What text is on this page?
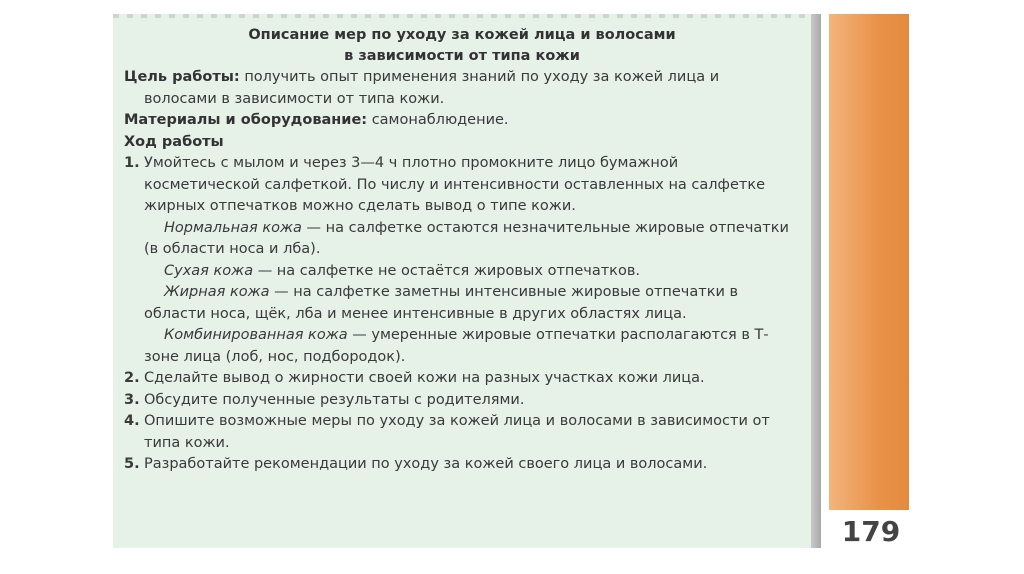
179

Описание мер по уходу за кожей лица и волосами

в зависимости от типа кожи

Цель работы: получить опыт применения знаний по уходу за кожей лица и волосами в зависимости от типа кожи.

Материалы и оборудование: самонаблюдение.

Ход работы

1. Умойтесь с мылом и через 3—4 ч плотно промокните лицо бумажной косметической салфеткой. По числу и интенсивности оставленных на салфетке жирных отпечатков можно сделать вывод о типе кожи.

Нормальная кожа — на салфетке остаются незначительные жировые отпечатки (в области носа и лба).
Сухая кожа — на салфетке не остаётся жировых отпечатков.
Жирная кожа — на салфетке заметны интенсивные жировые отпечатки в области носа, щёк, лба и менее интенсивные в других областях лица.
Комбинированная кожа — умеренные жировые отпечатки располагаются в Т-зоне лица (лоб, нос, подбородок).

2. Сделайте вывод о жирности своей кожи на разных участках кожи лица.

3. Обсудите полученные результаты с родителями.

4. Опишите возможные меры по уходу за кожей лица и волосами в зависимости от типа кожи.

5. Разработайте рекомендации по уходу за кожей своего лица и волосами.
